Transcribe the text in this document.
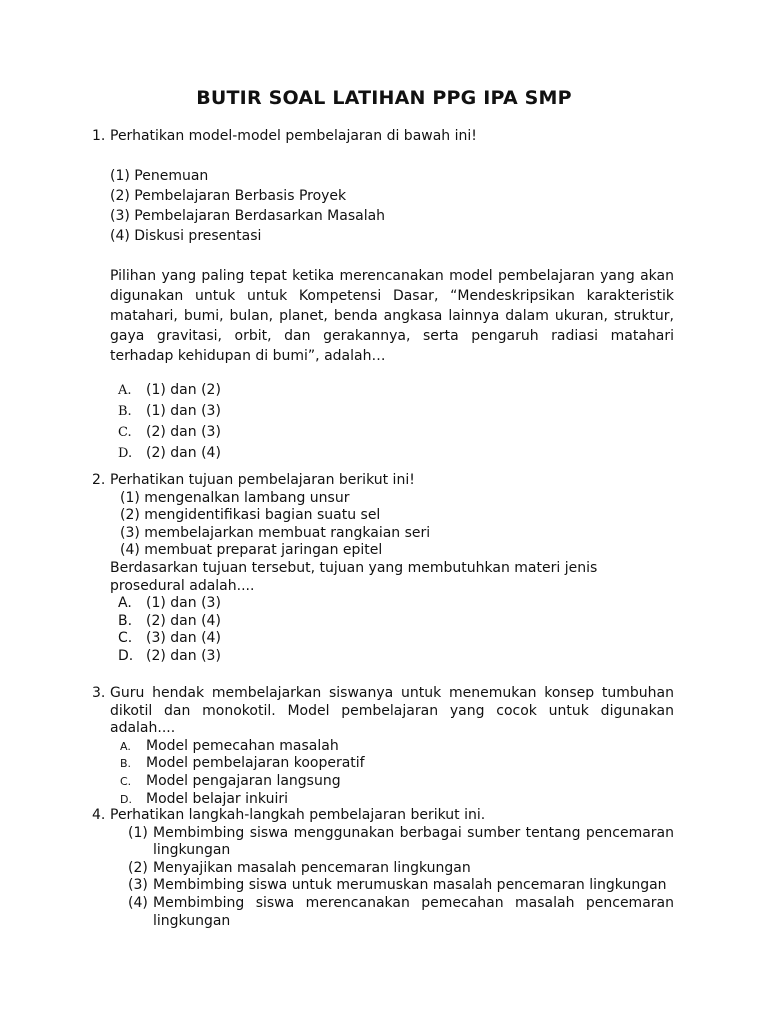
BUTIR SOAL LATIHAN PPG IPA SMP
1. Perhatikan model-model pembelajaran di bawah ini!
(1) Penemuan
(2) Pembelajaran Berbasis Proyek
(3) Pembelajaran Berdasarkan Masalah
(4) Diskusi presentasi
Pilihan yang paling tepat ketika merencanakan model pembelajaran yang akan digunakan untuk untuk Kompetensi Dasar, “Mendeskripsikan karakteristik matahari, bumi, bulan, planet, benda angkasa lainnya dalam ukuran, struktur, gaya gravitasi, orbit, dan gerakannya, serta pengaruh radiasi matahari terhadap kehidupan di bumi”, adalah…
A.	(1) dan (2)
B.	(1) dan (3)
C.	(2) dan (3)
D. (2) dan (4)
2. Perhatikan tujuan pembelajaran berikut ini!
(1) mengenalkan lambang unsur
(2) mengidentifikasi bagian suatu sel
(3) membelajarkan membuat rangkaian seri
(4) membuat preparat jaringan epitel
Berdasarkan tujuan tersebut, tujuan yang membutuhkan materi jenis prosedural adalah....
A.	(1) dan (3)
B. (2) dan (4)
C. (3) dan (4)
D. (2) dan (3)
3. Guru hendak membelajarkan siswanya untuk menemukan konsep tumbuhan dikotil dan monokotil. Model pembelajaran yang cocok untuk digunakan adalah....
A.	Model pemecahan masalah
B.	Model pembelajaran kooperatif
C.	Model pengajaran langsung
D.	Model belajar inkuiri
4. Perhatikan langkah-langkah pembelajaran berikut ini.
(1) Membimbing siswa menggunakan berbagai sumber tentang pencemaran lingkungan
(2) Menyajikan masalah pencemaran lingkungan
(3) Membimbing siswa untuk merumuskan masalah pencemaran lingkungan
(4) Membimbing siswa merencanakan pemecahan masalah pencemaran lingkungan
